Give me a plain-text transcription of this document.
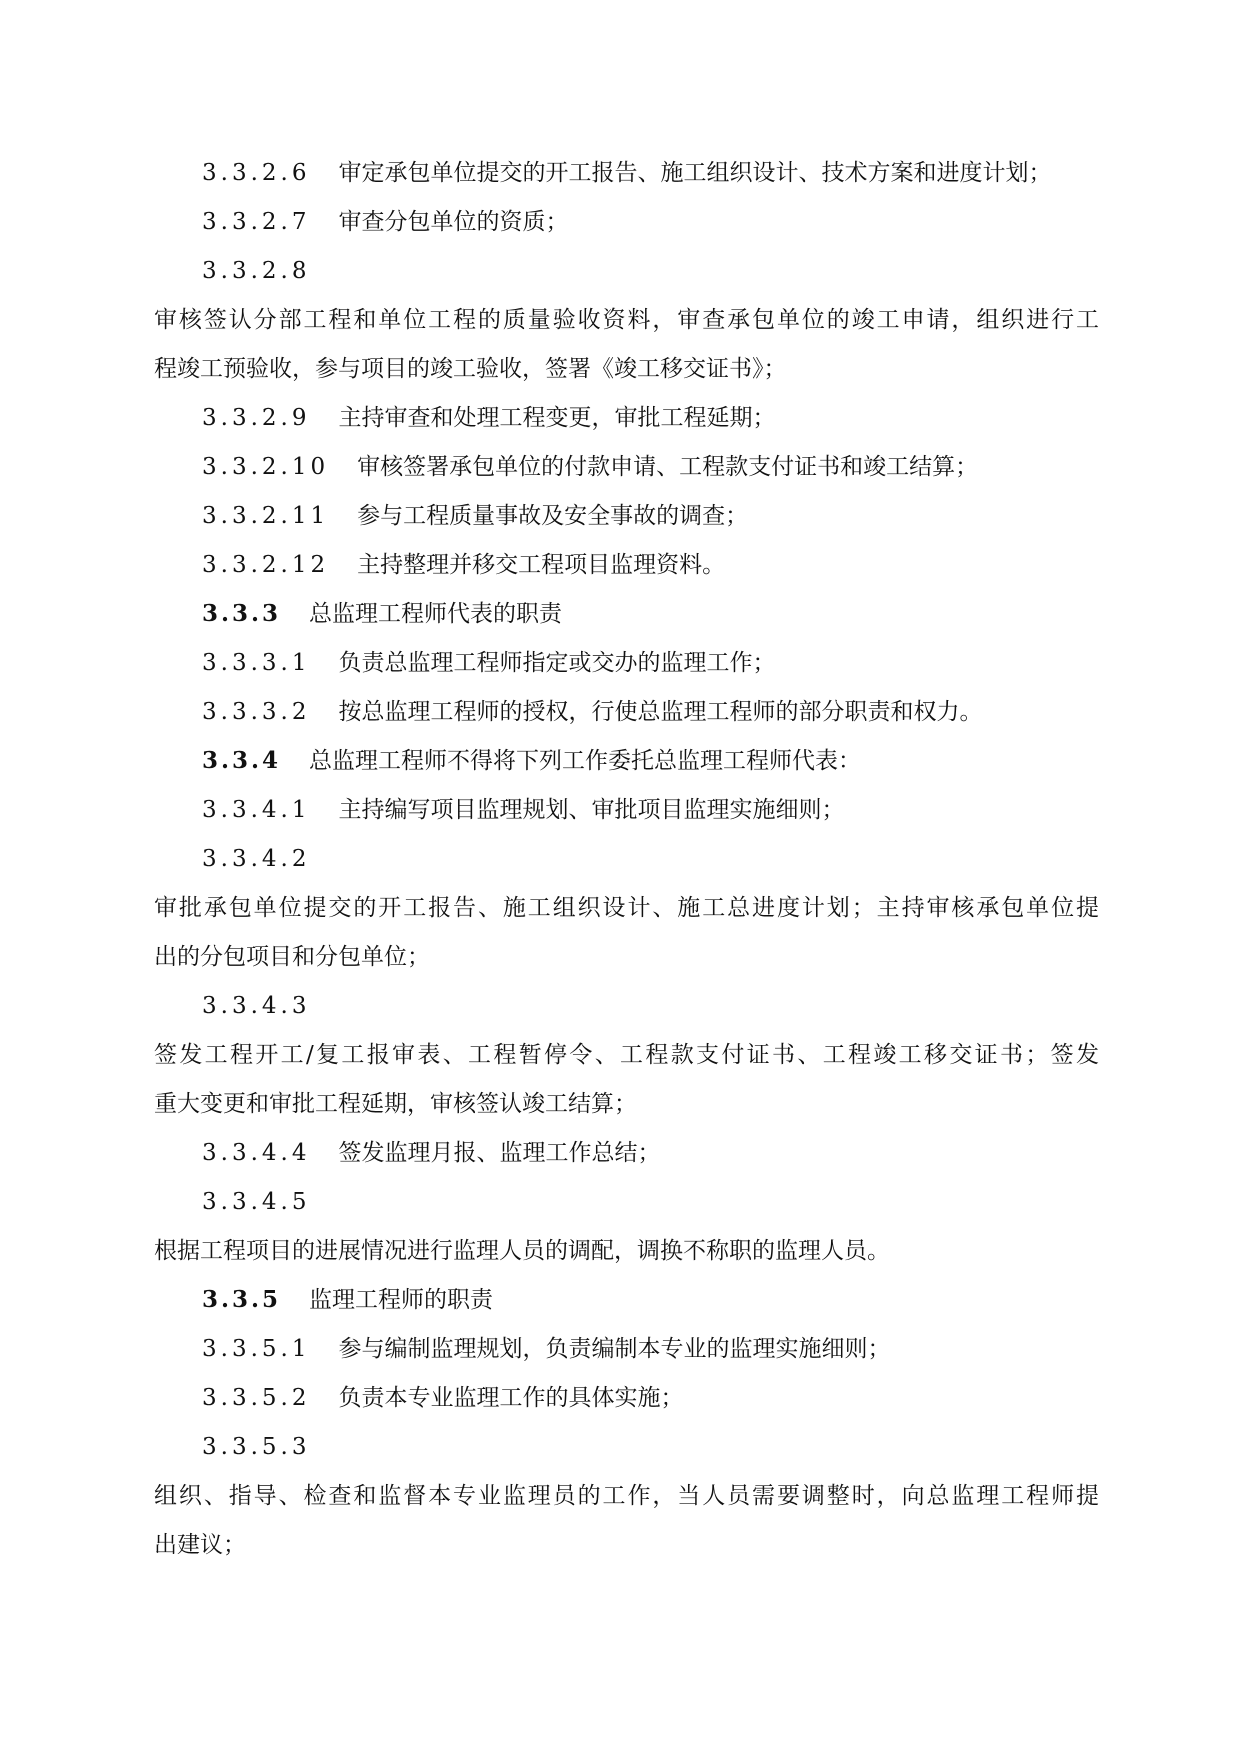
3.3.2.6 审定承包单位提交的开工报告、施工组织设计、技术方案和进度计划；
3.3.2.7 审查分包单位的资质；
3.3.2.8
审核签认分部工程和单位工程的质量验收资料，审查承包单位的竣工申请，组织进行工
程竣工预验收，参与项目的竣工验收，签署《竣工移交证书》；
3.3.2.9 主持审查和处理工程变更，审批工程延期；
3.3.2.10 审核签署承包单位的付款申请、工程款支付证书和竣工结算；
3.3.2.11 参与工程质量事故及安全事故的调查；
3.3.2.12 主持整理并移交工程项目监理资料。
3.3.3 总监理工程师代表的职责
3.3.3.1 负责总监理工程师指定或交办的监理工作；
3.3.3.2 按总监理工程师的授权，行使总监理工程师的部分职责和权力。
3.3.4 总监理工程师不得将下列工作委托总监理工程师代表：
3.3.4.1 主持编写项目监理规划、审批项目监理实施细则；
3.3.4.2
审批承包单位提交的开工报告、施工组织设计、施工总进度计划；主持审核承包单位提
出的分包项目和分包单位；
3.3.4.3
签发工程开工/复工报审表、工程暂停令、工程款支付证书、工程竣工移交证书；签发
重大变更和审批工程延期，审核签认竣工结算；
3.3.4.4 签发监理月报、监理工作总结；
3.3.4.5
根据工程项目的进展情况进行监理人员的调配，调换不称职的监理人员。
3.3.5 监理工程师的职责
3.3.5.1 参与编制监理规划，负责编制本专业的监理实施细则；
3.3.5.2 负责本专业监理工作的具体实施；
3.3.5.3
组织、指导、检查和监督本专业监理员的工作，当人员需要调整时，向总监理工程师提
出建议；
